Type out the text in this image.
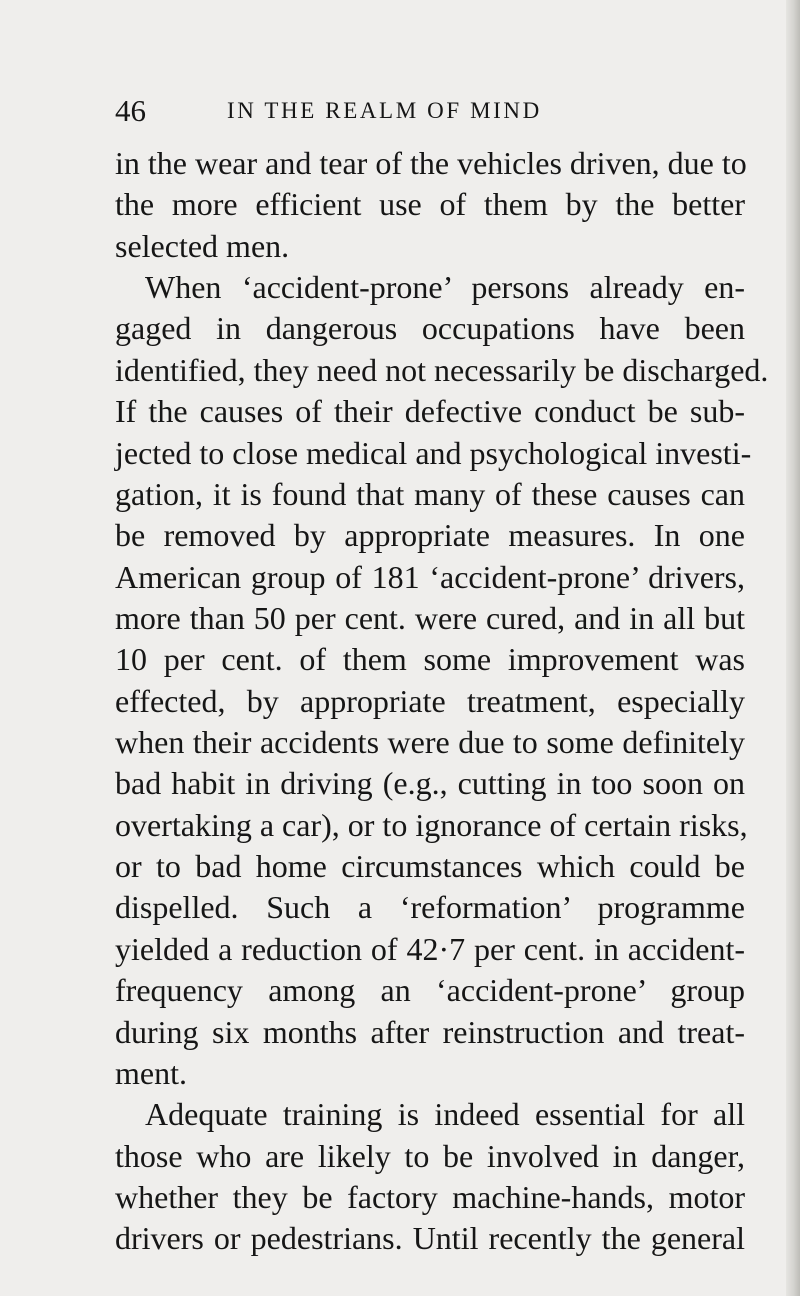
46	IN THE REALM OF MIND
in the wear and tear of the vehicles driven, due to
the more efficient use of them by the better
selected men.
When ‘accident-prone’ persons already en-
gaged in dangerous occupations have been
identified, they need not necessarily be discharged.
If the causes of their defective conduct be sub-
jected to close medical and psychological investi-
gation, it is found that many of these causes can
be removed by appropriate measures. In one
American group of 181 ‘accident-prone’ drivers,
more than 50 per cent. were cured, and in all but
10 per cent. of them some improvement was
effected, by appropriate treatment, especially
when their accidents were due to some definitely
bad habit in driving (e.g., cutting in too soon on
overtaking a car), or to ignorance of certain risks,
or to bad home circumstances which could be
dispelled. Such a ‘reformation’ programme
yielded a reduction of 42·7 per cent. in accident-
frequency among an ‘accident-prone’ group
during six months after reinstruction and treat-
ment.
Adequate training is indeed essential for all
those who are likely to be involved in danger,
whether they be factory machine-hands, motor
drivers or pedestrians. Until recently the general
